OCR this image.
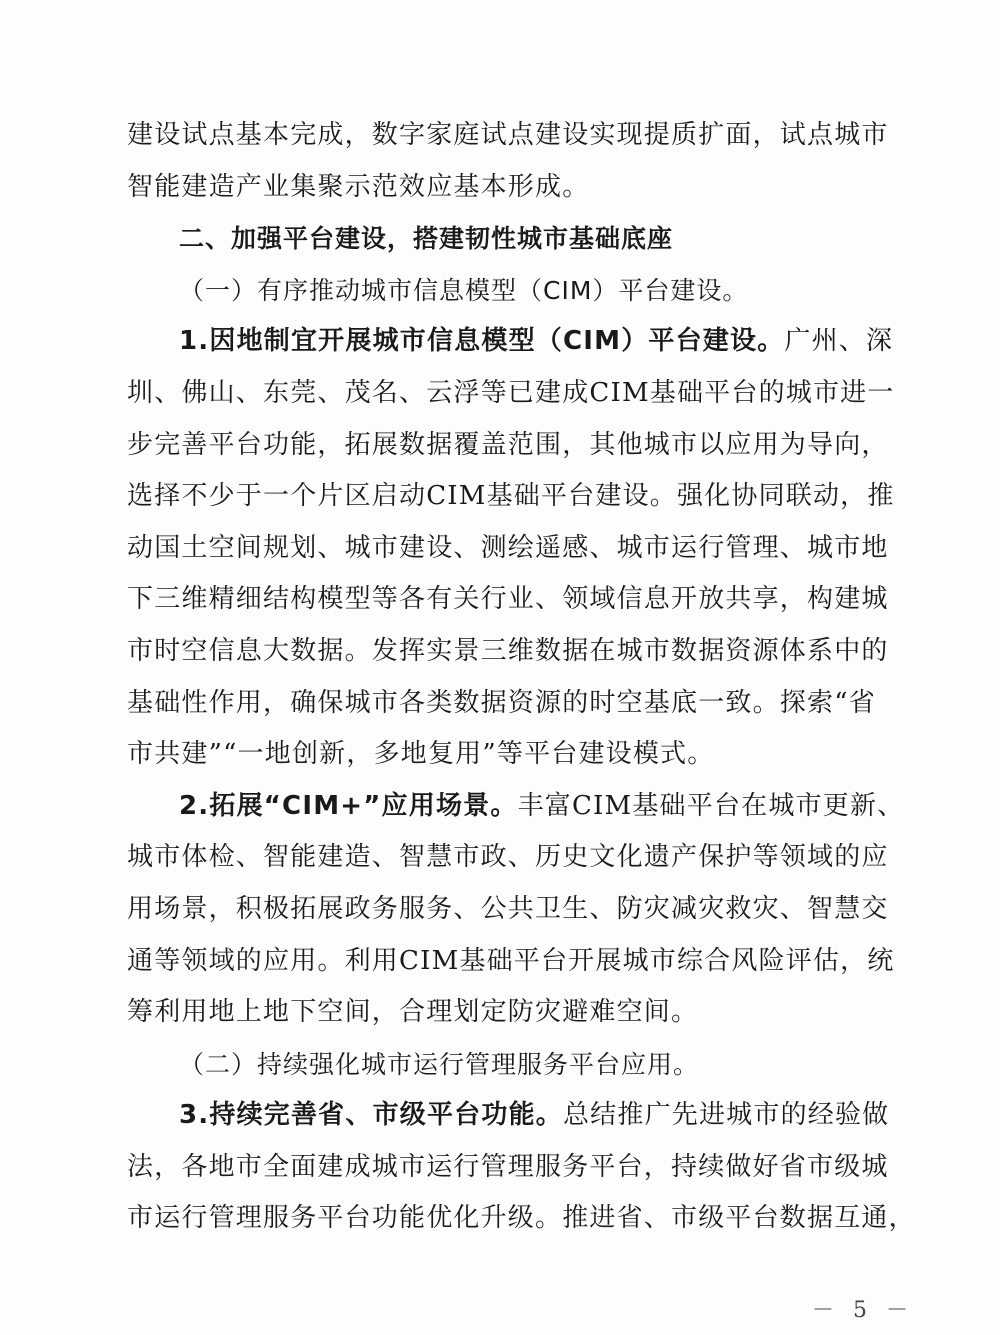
建设试点基本完成，数字家庭试点建设实现提质扩面，试点城市
智能建造产业集聚示范效应基本形成。
二、加强平台建设，搭建韧性城市基础底座
（一）有序推动城市信息模型（CIM）平台建设。
1.因地制宜开展城市信息模型（CIM）平台建设。广州、深
圳、佛山、东莞、茂名、云浮等已建成CIM基础平台的城市进一
步完善平台功能，拓展数据覆盖范围，其他城市以应用为导向，
选择不少于一个片区启动CIM基础平台建设。强化协同联动，推
动国土空间规划、城市建设、测绘遥感、城市运行管理、城市地
下三维精细结构模型等各有关行业、领域信息开放共享，构建城
市时空信息大数据。发挥实景三维数据在城市数据资源体系中的
基础性作用，确保城市各类数据资源的时空基底一致。探索“省
市共建”“一地创新，多地复用”等平台建设模式。
2.拓展“CIM+”应用场景。丰富CIM基础平台在城市更新、
城市体检、智能建造、智慧市政、历史文化遗产保护等领域的应
用场景，积极拓展政务服务、公共卫生、防灾减灾救灾、智慧交
通等领域的应用。利用CIM基础平台开展城市综合风险评估，统
筹利用地上地下空间，合理划定防灾避难空间。
（二）持续强化城市运行管理服务平台应用。
3.持续完善省、市级平台功能。总结推广先进城市的经验做
法，各地市全面建成城市运行管理服务平台，持续做好省市级城
市运行管理服务平台功能优化升级。推进省、市级平台数据互通，
－ 5 －
